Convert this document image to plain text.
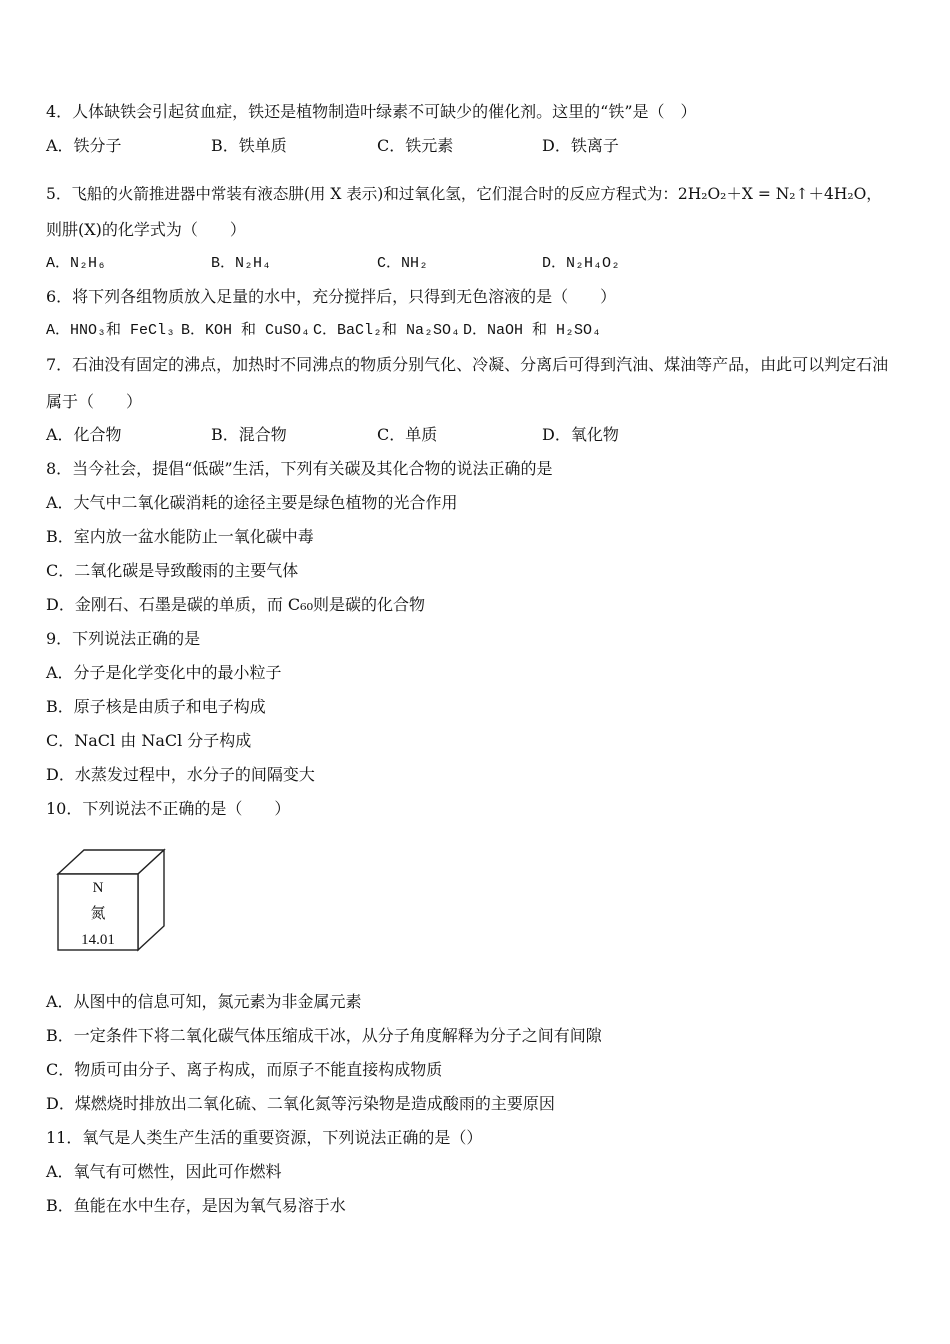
4．人体缺铁会引起贫血症，铁还是植物制造叶绿素不可缺少的催化剂。这里的“铁”是（　）
A．铁分子	B．铁单质	C．铁元素	D．铁离子
5．飞船的火箭推进器中常装有液态肼(用 X 表示)和过氧化氢，它们混合时的反应方程式为：2H₂O₂＋X = N₂↑＋4H₂O，
则肼(X)的化学式为（　　）
A．N₂H₆	B．N₂H₄	C．NH₂	D．N₂H₄O₂
6．将下列各组物质放入足量的水中，充分搅拌后，只得到无色溶液的是（　　）
A．HNO₃和 FeCl₃ B．KOH 和 CuSO₄ C．BaCl₂和 Na₂SO₄ D．NaOH 和 H₂SO₄
7．石油没有固定的沸点，加热时不同沸点的物质分别气化、冷凝、分离后可得到汽油、煤油等产品，由此可以判定石油
属于（　　）
A．化合物	B．混合物	C．单质	D．氧化物
8．当今社会，提倡“低碳”生活，下列有关碳及其化合物的说法正确的是
A．大气中二氧化碳消耗的途径主要是绿色植物的光合作用
B．室内放一盆水能防止一氧化碳中毒
C．二氧化碳是导致酸雨的主要气体
D．金刚石、石墨是碳的单质，而 C₆₀则是碳的化合物
9．下列说法正确的是
A．分子是化学变化中的最小粒子
B．原子核是由质子和电子构成
C．NaCl 由 NaCl 分子构成
D．水蒸发过程中，水分子的间隔变大
10．下列说法不正确的是（　　）
N
氮
14.01
A．从图中的信息可知，氮元素为非金属元素
B．一定条件下将二氧化碳气体压缩成干冰，从分子角度解释为分子之间有间隙
C．物质可由分子、离子构成，而原子不能直接构成物质
D．煤燃烧时排放出二氧化硫、二氧化氮等污染物是造成酸雨的主要原因
11．氧气是人类生产生活的重要资源，下列说法正确的是（）
A．氧气有可燃性，因此可作燃料
B．鱼能在水中生存，是因为氧气易溶于水
